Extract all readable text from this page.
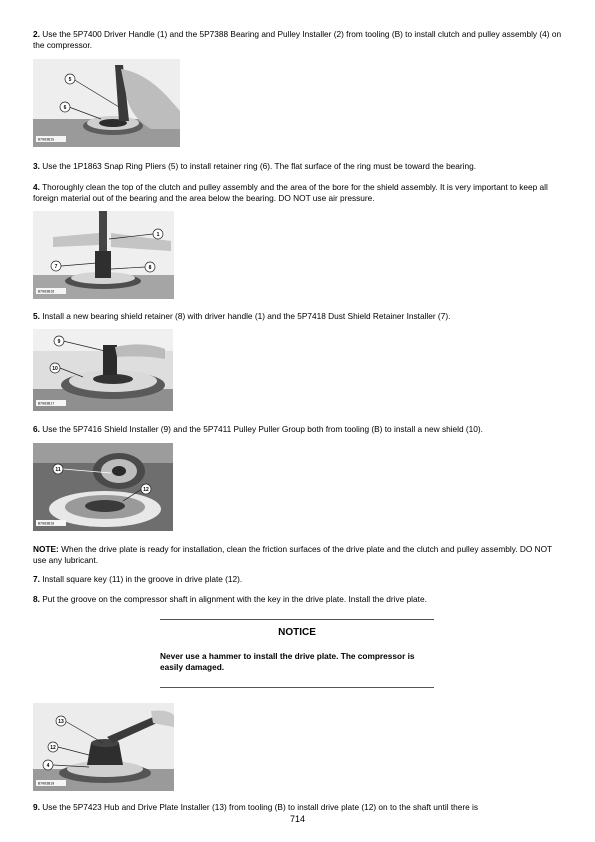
2. Use the 5P7400 Driver Handle (1) and the 5P7388 Bearing and Pulley Installer (2) from tooling (B) to install clutch and pulley assembly (4) on the compressor.
5
6
B7083B15
3. Use the 1P1863 Snap Ring Pliers (5) to install retainer ring (6). The flat surface of the ring must be toward the bearing.
4. Thoroughly clean the top of the clutch and pulley assembly and the area of the bore for the shield assembly. It is very important to keep all foreign material out of the bearing and the area below the bearing. DO NOT use air pressure.
1
7	8
B7083B16
5. Install a new bearing shield retainer (8) with driver handle (1) and the 5P7418 Dust Shield Retainer Installer (7).
9
10
B7083B17
6. Use the 5P7416 Shield Installer (9) and the 5P7411 Pulley Puller Group both from tooling (B) to install a new shield (10).
11
12
B7083B18
NOTE: When the drive plate is ready for installation, clean the friction surfaces of the drive plate and the clutch and pulley assembly. DO NOT use any lubricant.
7. Install square key (11) in the groove in drive plate (12).
8. Put the groove on the compressor shaft in alignment with the key in the drive plate. Install the drive plate.
NOTICE
Never use a hammer to install the drive plate. The compressor is easily damaged.
13
12
4
B7083B19
9. Use the 5P7423 Hub and Drive Plate Installer (13) from tooling (B) to install drive plate (12) on to the shaft until there is
714
